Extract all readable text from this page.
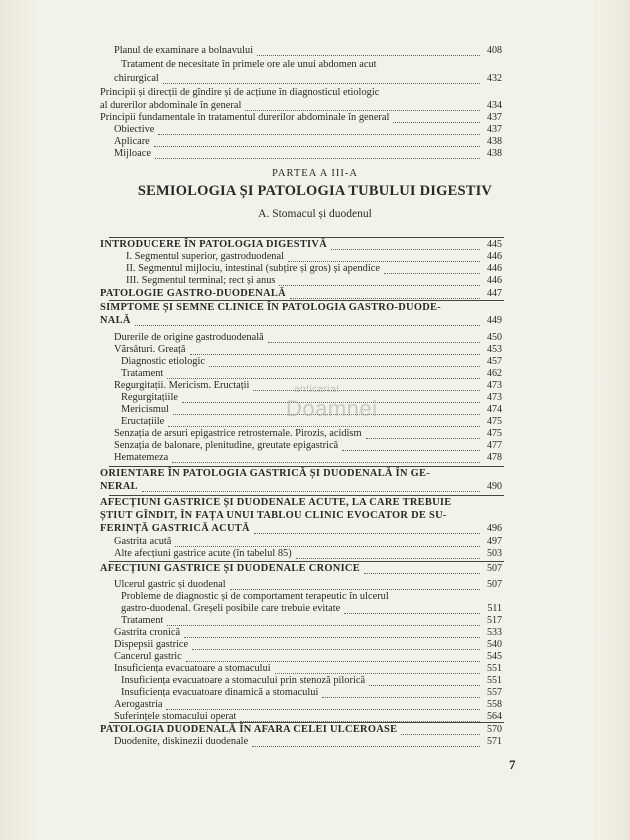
Planul de examinare a bolnavului	408
Tratament de necesitate în primele ore ale unui abdomen acut
chirurgical	432
Principii și direcții de gîndire și de acțiune în diagnosticul etiologic
al durerilor abdominale în general	434
Principii fundamentale în tratamentul durerilor abdominale în general	437
Obiective	437
Aplicare	438
Mijloace	438
INTRODUCERE ÎN PATOLOGIA DIGESTIVĂ	445
I. Segmentul superior, gastroduodenal	446
II. Segmentul mijlociu, intestinal (subțire și gros) și apendice	446
III. Segmentul terminal; rect și anus	446
PATOLOGIE GASTRO-DUODENALĂ	447
SIMPTOME ȘI SEMNE CLINICE ÎN PATOLOGIA GASTRO-DUODE-
NALĂ	449
Durerile de origine gastroduodenală	450
Vărsături. Greață	453
Diagnostic etiologic	457
Tratament	462
Regurgitații. Mericism. Eructații	473
Regurgitațiile	473
Mericismul	474
Eructațiile	475
Senzația de arsuri epigastrice retrosternale. Pirozis, acidism	475
Senzația de balonare, plenitudine, greutate epigastrică	477
Hematemeza	478
ORIENTARE ÎN PATOLOGIA GASTRICĂ ȘI DUODENALĂ ÎN GE-
NERAL	490
AFECȚIUNI GASTRICE ȘI DUODENALE ACUTE, LA CARE TREBUIE
ȘTIUT GÎNDIT, ÎN FAȚA UNUI TABLOU CLINIC EVOCATOR DE SU-
FERINȚĂ GASTRICĂ ACUTĂ	496
Gastrita acută	497
Alte afecțiuni gastrice acute (în tabelul 85)	503
AFECȚIUNI GASTRICE ȘI DUODENALE CRONICE	507
Ulcerul gastric și duodenal	507
Probleme de diagnostic și de comportament terapeutic în ulcerul
gastro-duodenal. Greșeli posibile care trebuie evitate	511
Tratament	517
Gastrita cronică	533
Dispepsii gastrice	540
Cancerul gastric	545
Insuficiența evacuatoare a stomacului	551
Insuficiența evacuatoare a stomacului prin stenoză pilorică	551
Insuficiența evacuatoare dinamică a stomacului	557
Aerogastria	558
Suferințele stomacului operat	564
PATOLOGIA DUODENALĂ ÎN AFARA CELEI ULCEROASE	570
Duodenite, diskinezii duodenale	571
PARTEA A III-A
SEMIOLOGIA ȘI PATOLOGIA TUBULUI DIGESTIV
A. Stomacul și duodenul
anticariat
Doamnei
7
